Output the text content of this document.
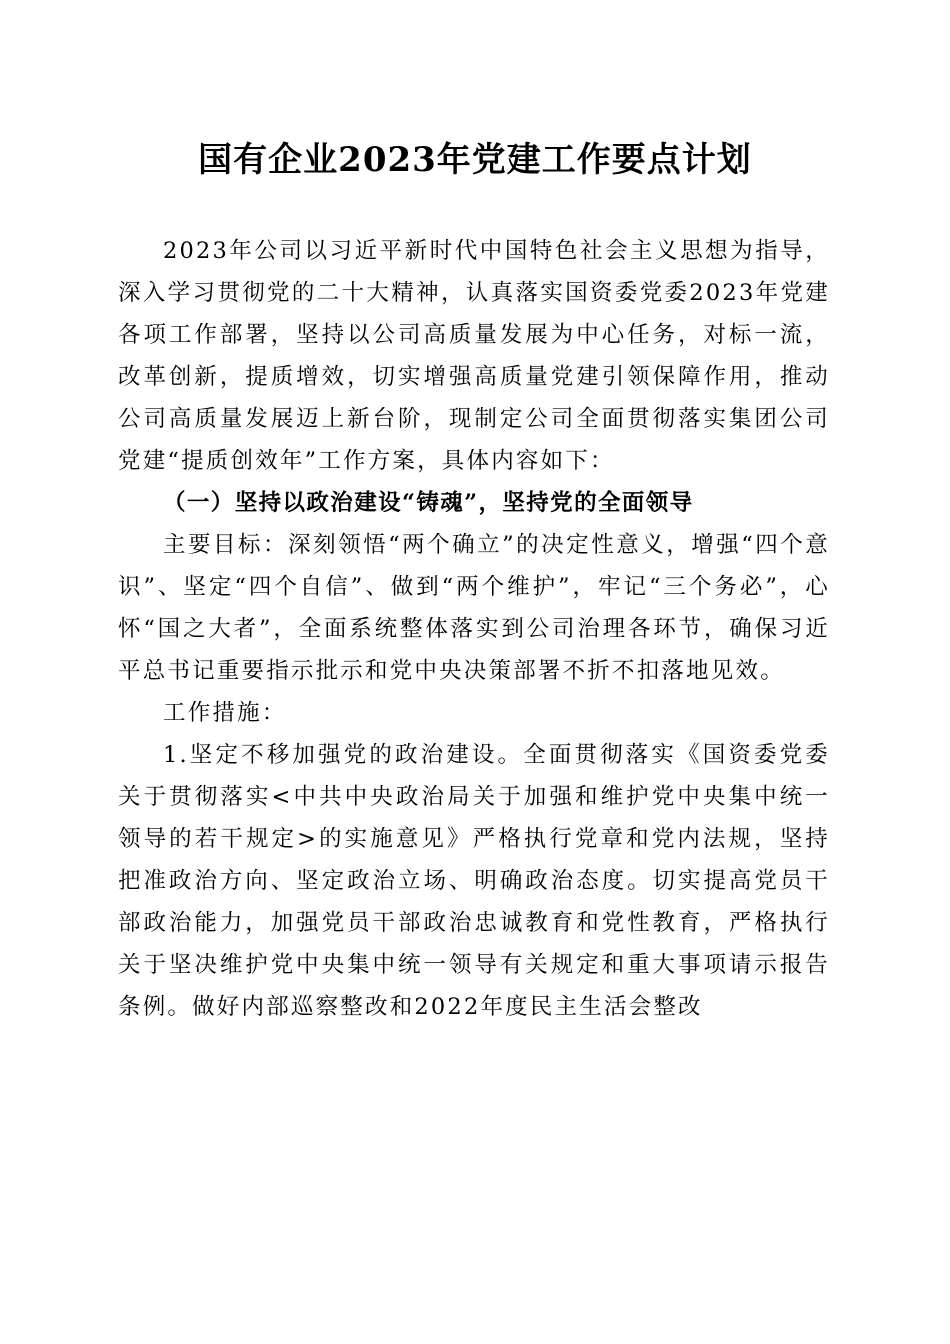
国有企业2023年党建工作要点计划

2023年公司以习近平新时代中国特色社会主义思想为指导，深入学习贯彻党的二十大精神，认真落实国资委党委2023年党建各项工作部署，坚持以公司高质量发展为中心任务，对标一流，改革创新，提质增效，切实增强高质量党建引领保障作用，推动公司高质量发展迈上新台阶，现制定公司全面贯彻落实集团公司党建“提质创效年”工作方案，具体内容如下：

（一）坚持以政治建设“铸魂”，坚持党的全面领导

主要目标：深刻领悟“两个确立”的决定性意义，增强“四个意识”、坚定“四个自信”、做到“两个维护”，牢记“三个务必”，心怀“国之大者”，全面系统整体落实到公司治理各环节，确保习近平总书记重要指示批示和党中央决策部署不折不扣落地见效。

工作措施：

1.坚定不移加强党的政治建设。全面贯彻落实《国资委党委关于贯彻落实<中共中央政治局关于加强和维护党中央集中统一领导的若干规定>的实施意见》严格执行党章和党内法规，坚持把准政治方向、坚定政治立场、明确政治态度。切实提高党员干部政治能力，加强党员干部政治忠诚教育和党性教育，严格执行关于坚决维护党中央集中统一领导有关规定和重大事项请示报告条例。做好内部巡察整改和2022年度民主生活会整改
